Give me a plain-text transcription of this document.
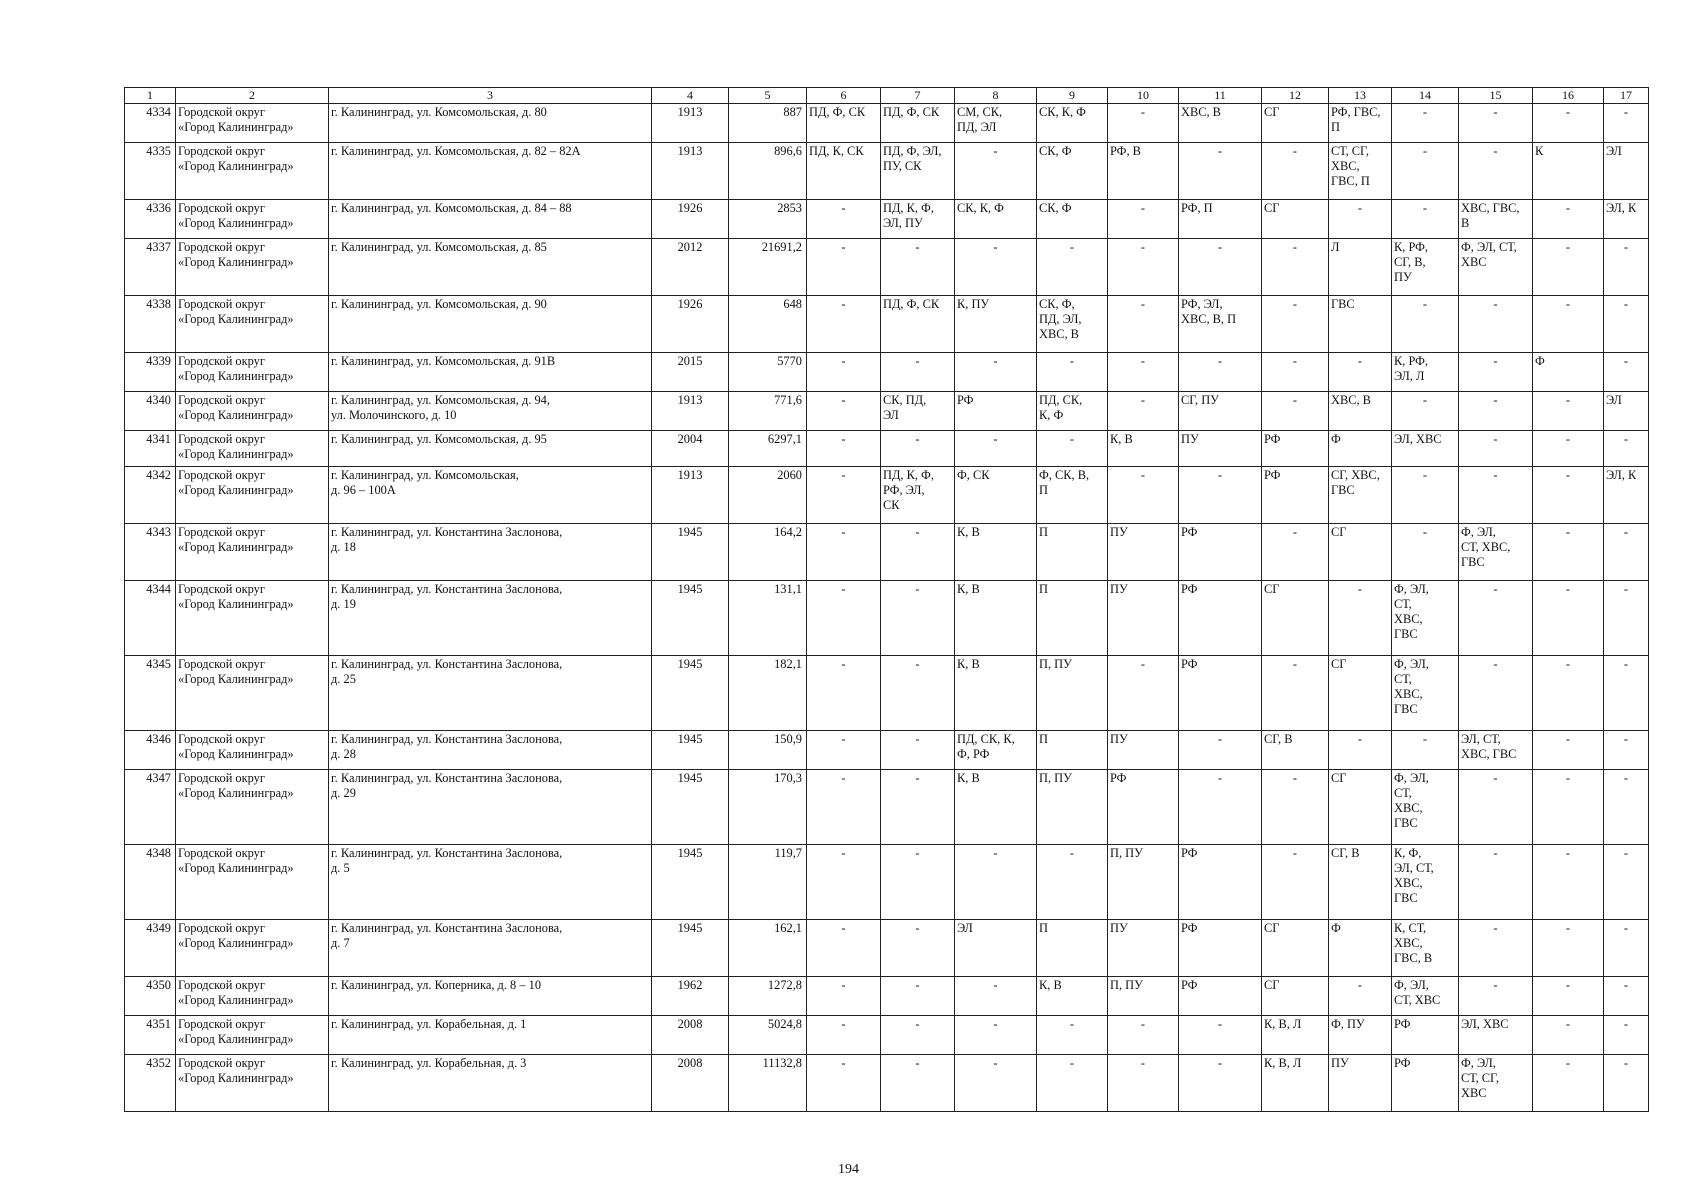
1	2	3	4	5	6	7	8	9	10	11	12	13	14	15	16	17
4334	Городской округ
«Город Калининград»	г. Калининград, ул. Комсомольская, д. 80	1913	887	ПД, Ф, СК	ПД, Ф, СК	СМ, СК,
ПД, ЭЛ	СК, К, Ф	-	ХВС, В	СГ	РФ, ГВС,
П	-	-	-	-
4335	Городской округ
«Город Калининград»	г. Калининград, ул. Комсомольская, д. 82 – 82А	1913	896,6	ПД, К, СК	ПД, Ф, ЭЛ,
ПУ, СК	-	СК, Ф	РФ, В	-	-	СТ, СГ,
ХВС,
ГВС, П	-	-	К	ЭЛ
4336	Городской округ
«Город Калининград»	г. Калининград, ул. Комсомольская, д. 84 – 88	1926	2853	-	ПД, К, Ф,
ЭЛ, ПУ	СК, К, Ф	СК, Ф	-	РФ, П	СГ	-	-	ХВС, ГВС,
В	-	ЭЛ, К
4337	Городской округ
«Город Калининград»	г. Калининград, ул. Комсомольская, д. 85	2012	21691,2	-	-	-	-	-	-	-	Л	К, РФ,
СГ, В,
ПУ	Ф, ЭЛ, СТ,
ХВС	-	-
4338	Городской округ
«Город Калининград»	г. Калининград, ул. Комсомольская, д. 90	1926	648	-	ПД, Ф, СК	К, ПУ	СК, Ф,
ПД, ЭЛ,
ХВС, В	-	РФ, ЭЛ,
ХВС, В, П	-	ГВС	-	-	-	-
4339	Городской округ
«Город Калининград»	г. Калининград, ул. Комсомольская, д. 91В	2015	5770	-	-	-	-	-	-	-	-	К, РФ,
ЭЛ, Л	-	Ф	-
4340	Городской округ
«Город Калининград»	г. Калининград, ул. Комсомольская, д. 94,
ул. Молочинского, д. 10	1913	771,6	-	СК, ПД,
ЭЛ	РФ	ПД, СК,
К, Ф	-	СГ, ПУ	-	ХВС, В	-	-	-	ЭЛ
4341	Городской округ
«Город Калининград»	г. Калининград, ул. Комсомольская, д. 95	2004	6297,1	-	-	-	-	К, В	ПУ	РФ	Ф	ЭЛ, ХВС	-	-	-
4342	Городской округ
«Город Калининград»	г. Калининград, ул. Комсомольская,
д. 96 – 100А	1913	2060	-	ПД, К, Ф,
РФ, ЭЛ,
СК	Ф, СК	Ф, СК, В,
П	-	-	РФ	СГ, ХВС,
ГВС	-	-	-	ЭЛ, К
4343	Городской округ
«Город Калининград»	г. Калининград, ул. Константина Заслонова,
д. 18	1945	164,2	-	-	К, В	П	ПУ	РФ	-	СГ	-	Ф, ЭЛ,
СТ, ХВС,
ГВС	-	-
4344	Городской округ
«Город Калининград»	г. Калининград, ул. Константина Заслонова,
д. 19	1945	131,1	-	-	К, В	П	ПУ	РФ	СГ	-	Ф, ЭЛ,
СТ,
ХВС,
ГВС	-	-	-
4345	Городской округ
«Город Калининград»	г. Калининград, ул. Константина Заслонова,
д. 25	1945	182,1	-	-	К, В	П, ПУ	-	РФ	-	СГ	Ф, ЭЛ,
СТ,
ХВС,
ГВС	-	-	-
4346	Городской округ
«Город Калининград»	г. Калининград, ул. Константина Заслонова,
д. 28	1945	150,9	-	-	ПД, СК, К,
Ф, РФ	П	ПУ	-	СГ, В	-	-	ЭЛ, СТ,
ХВС, ГВС	-	-
4347	Городской округ
«Город Калининград»	г. Калининград, ул. Константина Заслонова,
д. 29	1945	170,3	-	-	К, В	П, ПУ	РФ	-	-	СГ	Ф, ЭЛ,
СТ,
ХВС,
ГВС	-	-	-
4348	Городской округ
«Город Калининград»	г. Калининград, ул. Константина Заслонова,
д. 5	1945	119,7	-	-	-	-	П, ПУ	РФ	-	СГ, В	К, Ф,
ЭЛ, СТ,
ХВС,
ГВС	-	-	-
4349	Городской округ
«Город Калининград»	г. Калининград, ул. Константина Заслонова,
д. 7	1945	162,1	-	-	ЭЛ	П	ПУ	РФ	СГ	Ф	К, СТ,
ХВС,
ГВС, В	-	-	-
4350	Городской округ
«Город Калининград»	г. Калининград, ул. Коперника, д. 8 – 10	1962	1272,8	-	-	-	К, В	П, ПУ	РФ	СГ	-	Ф, ЭЛ,
СТ, ХВС	-	-	-
4351	Городской округ
«Город Калининград»	г. Калининград, ул. Корабельная, д. 1	2008	5024,8	-	-	-	-	-	-	К, В, Л	Ф, ПУ	РФ	ЭЛ, ХВС	-	-
4352	Городской округ
«Город Калининград»	г. Калининград, ул. Корабельная, д. 3	2008	11132,8	-	-	-	-	-	-	К, В, Л	ПУ	РФ	Ф, ЭЛ,
СТ, СГ,
ХВС	-	-
194
